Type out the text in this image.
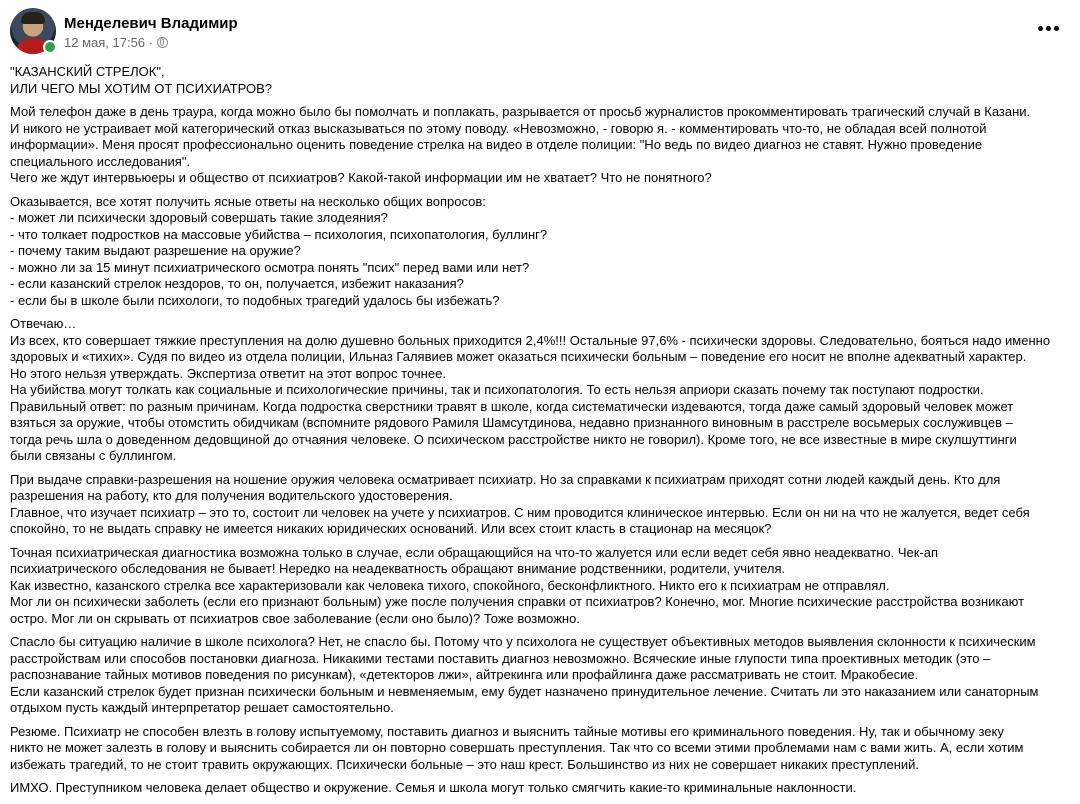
Менделевич Владимир
12 мая, 17:56 ·

"КАЗАНСКИЙ СТРЕЛОК",
ИЛИ ЧЕГО МЫ ХОТИМ ОТ ПСИХИАТРОВ?

Мой телефон даже в день траура, когда можно было бы помолчать и поплакать, разрывается от просьб журналистов прокомментировать трагический случай в Казани.
И никого не устраивает мой категорический отказ высказываться по этому поводу. «Невозможно, - говорю я. - комментировать что-то, не обладая всей полнотой
информации». Меня просят профессионально оценить поведение стрелка на видео в отделе полиции: "Но ведь по видео диагноз не ставят. Нужно проведение
специального исследования".
Чего же ждут интервьюеры и общество от психиатров? Какой-такой информации им не хватает? Что не понятного?

Оказывается, все хотят получить ясные ответы на несколько общих вопросов:
- может ли психически здоровый совершать такие злодеяния?
- что толкает подростков на массовые убийства – психология, психопатология, буллинг?
- почему таким выдают разрешение на оружие?
- можно ли за 15 минут психиатрического осмотра понять "псих" перед вами или нет?
- если казанский стрелок нездоров, то он, получается, избежит наказания?
- если бы в школе были психологи, то подобных трагедий удалось бы избежать?

Отвечаю…
Из всех, кто совершает тяжкие преступления на долю душевно больных приходится 2,4%!!! Остальные 97,6% - психически здоровы. Следовательно, бояться надо именно
здоровых и «тихих». Судя по видео из отдела полиции, Ильназ Галявиев может оказаться психически больным – поведение его носит не вполне адекватный характер.
Но этого нельзя утверждать. Экспертиза ответит на этот вопрос точнее.
На убийства могут толкать как социальные и психологические причины, так и психопатология. То есть нельзя априори сказать почему так поступают подростки.
Правильный ответ: по разным причинам. Когда подростка сверстники травят в школе, когда систематически издеваются, тогда даже самый здоровый человек может
взяться за оружие, чтобы отомстить обидчикам (вспомните рядового Рамиля Шамсутдинова, недавно признанного виновным в расстреле восьмерых сослуживцев –
тогда речь шла о доведенном дедовщиной до отчаяния человеке. О психическом расстройстве никто не говорил). Кроме того, не все известные в мире скулшуттинги
были связаны с буллингом.

При выдаче справки-разрешения на ношение оружия человека осматривает психиатр. Но за справками к психиатрам приходят сотни людей каждый день. Кто для
разрешения на работу, кто для получения водительского удостоверения.
Главное, что изучает психиатр – это то, состоит ли человек на учете у психиатров. С ним проводится клиническое интервью. Если он ни на что не жалуется, ведет себя
спокойно, то не выдать справку не имеется никаких юридических оснований. Или всех стоит класть в стационар на месяцок?

Точная психиатрическая диагностика возможна только в случае, если обращающийся на что-то жалуется или если ведет себя явно неадекватно. Чек-ап
психиатрического обследования не бывает! Нередко на неадекватность обращают внимание родственники, родители, учителя.
Как известно, казанского стрелка все характеризовали как человека тихого, спокойного, бесконфликтного. Никто его к психиатрам не отправлял.
Мог ли он психически заболеть (если его признают больным) уже после получения справки от психиатров? Конечно, мог. Многие психические расстройства возникают
остро. Мог ли он скрывать от психиатров свое заболевание (если оно было)? Тоже возможно.

Спасло бы ситуацию наличие в школе психолога? Нет, не спасло бы. Потому что у психолога не существует объективных методов выявления склонности к психическим
расстройствам или способов постановки диагноза. Никакими тестами поставить диагноз невозможно. Всяческие иные глупости типа проективных методик (это –
распознавание тайных мотивов поведения по рисункам), «детекторов лжи», айтрекинга или профайлинга даже рассматривать не стоит. Мракобесие.
Если казанский стрелок будет признан психически больным и невменяемым, ему будет назначено принудительное лечение. Считать ли это наказанием или санаторным
отдыхом пусть каждый интерпретатор решает самостоятельно.

Резюме. Психиатр не способен влезть в голову испытуемому, поставить диагноз и выяснить тайные мотивы его криминального поведения. Ну, так и обычному зеку
никто не может залезть в голову и выяснить собирается ли он повторно совершать преступления. Так что со всеми этими проблемами нам с вами жить. А, если хотим
избежать трагедий, то не стоит травить окружающих. Психически больные – это наш крест. Большинство из них не совершает никаких преступлений.

ИМХО. Преступником человека делает общество и окружение. Семья и школа могут только смягчить какие-то криминальные наклонности.
